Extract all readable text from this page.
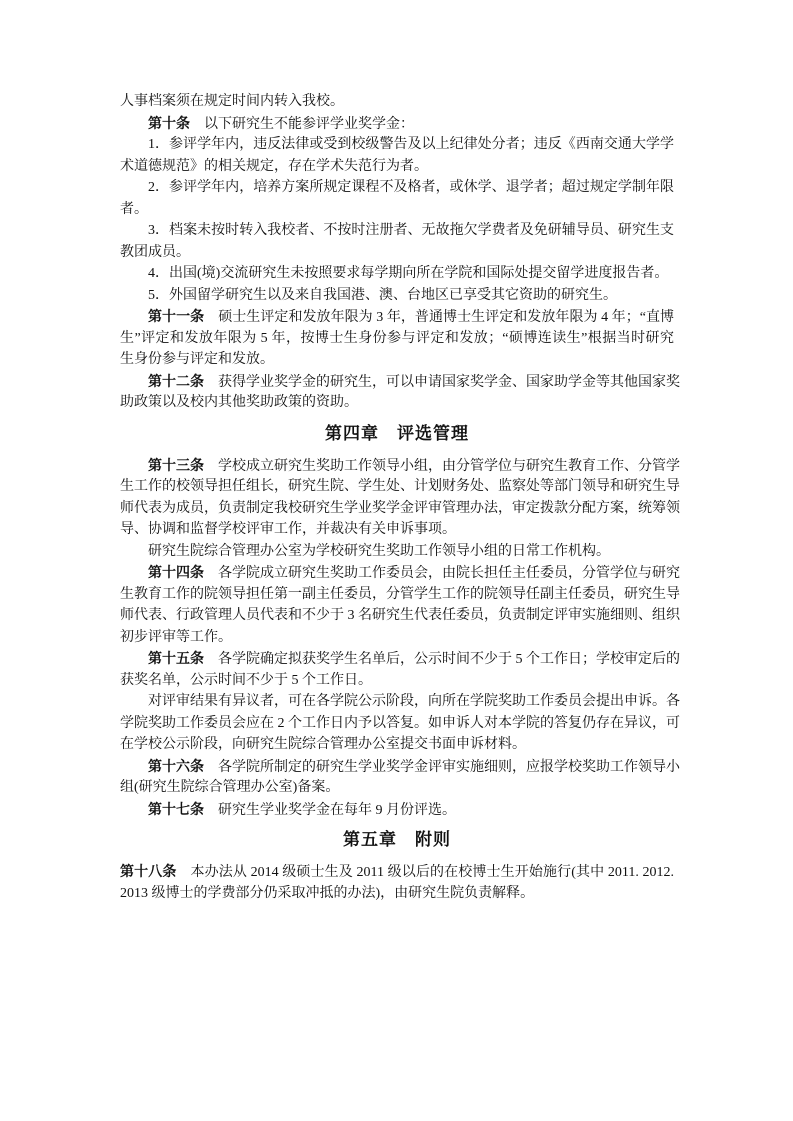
人事档案须在规定时间内转入我校。
第十条 以下研究生不能参评学业奖学金：
1．参评学年内，违反法律或受到校级警告及以上纪律处分者；违反《西南交通大学学
术道德规范》的相关规定，存在学术失范行为者。
2．参评学年内，培养方案所规定课程不及格者，或休学、退学者；超过规定学制年限
者。
3．档案未按时转入我校者、不按时注册者、无故拖欠学费者及免研辅导员、研究生支
教团成员。
4．出国(境)交流研究生未按照要求每学期向所在学院和国际处提交留学进度报告者。
5．外国留学研究生以及来自我国港、澳、台地区已享受其它资助的研究生。
第十一条 硕士生评定和发放年限为 3 年，普通博士生评定和发放年限为 4 年；“直博
生”评定和发放年限为 5 年，按博士生身份参与评定和发放；“硕博连读生”根据当时研究
生身份参与评定和发放。
第十二条 获得学业奖学金的研究生，可以申请国家奖学金、国家助学金等其他国家奖
助政策以及校内其他奖助政策的资助。
第四章　评选管理
第十三条 学校成立研究生奖助工作领导小组，由分管学位与研究生教育工作、分管学
生工作的校领导担任组长，研究生院、学生处、计划财务处、监察处等部门领导和研究生导
师代表为成员，负责制定我校研究生学业奖学金评审管理办法，审定拨款分配方案，统筹领
导、协调和监督学校评审工作，并裁决有关申诉事项。
研究生院综合管理办公室为学校研究生奖助工作领导小组的日常工作机构。
第十四条 各学院成立研究生奖助工作委员会，由院长担任主任委员，分管学位与研究
生教育工作的院领导担任第一副主任委员，分管学生工作的院领导任副主任委员，研究生导
师代表、行政管理人员代表和不少于 3 名研究生代表任委员，负责制定评审实施细则、组织
初步评审等工作。
第十五条 各学院确定拟获奖学生名单后，公示时间不少于 5 个工作日；学校审定后的
获奖名单，公示时间不少于 5 个工作日。
对评审结果有异议者，可在各学院公示阶段，向所在学院奖助工作委员会提出申诉。各
学院奖助工作委员会应在 2 个工作日内予以答复。如申诉人对本学院的答复仍存在异议，可
在学校公示阶段，向研究生院综合管理办公室提交书面申诉材料。
第十六条 各学院所制定的研究生学业奖学金评审实施细则，应报学校奖助工作领导小
组(研究生院综合管理办公室)备案。
第十七条 研究生学业奖学金在每年 9 月份评选。
第五章　附则
第十八条 本办法从 2014 级硕士生及 2011 级以后的在校博士生开始施行(其中 2011. 2012.
2013 级博士的学费部分仍采取冲抵的办法)，由研究生院负责解释。
